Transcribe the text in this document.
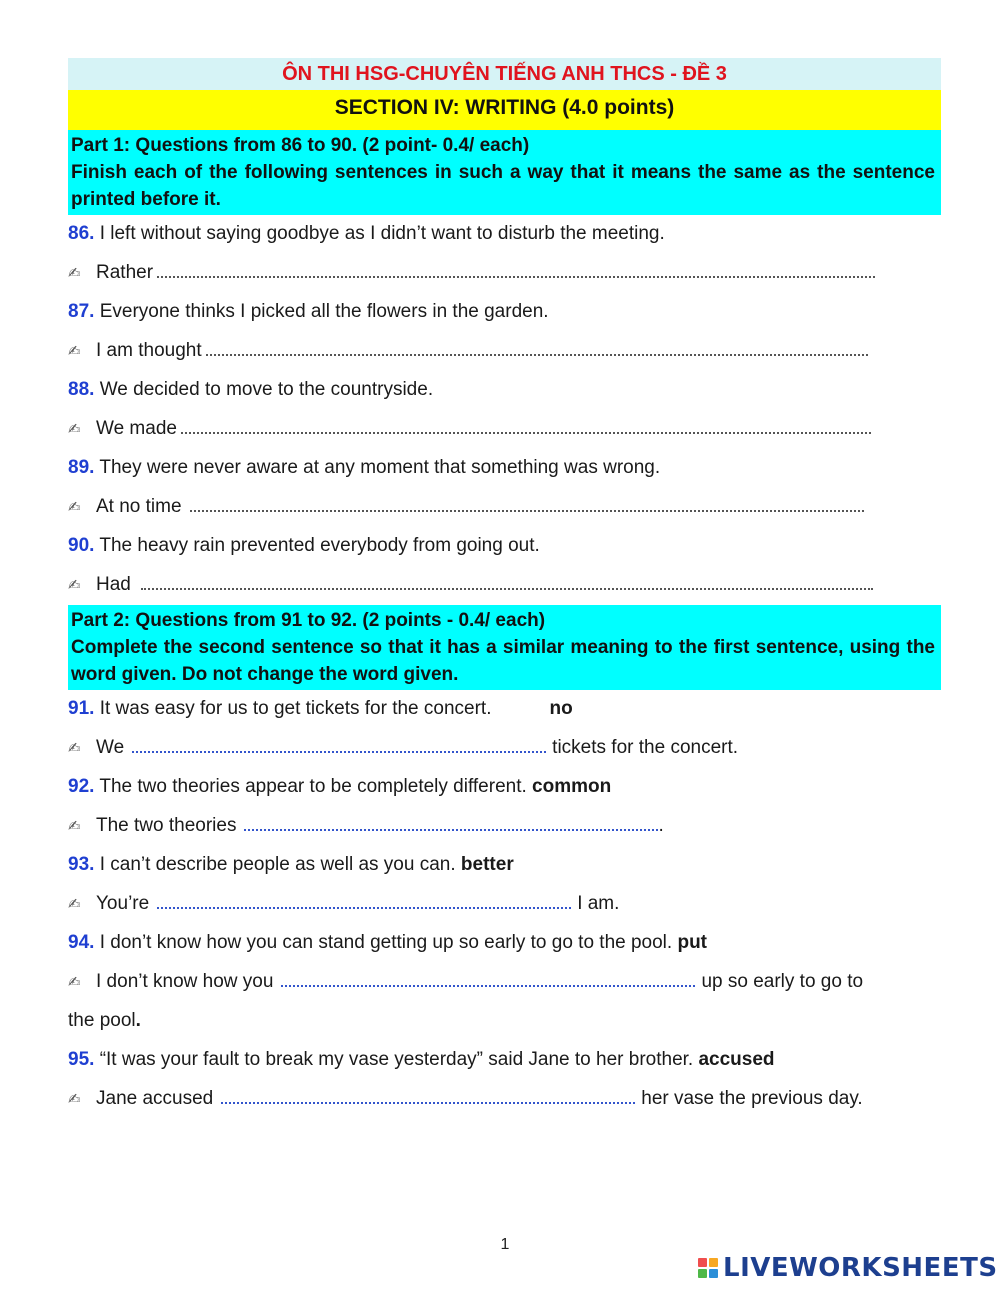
ÔN THI HSG-CHUYÊN TIẾNG ANH THCS - ĐỀ 3
SECTION IV: WRITING (4.0 points)
Part 1: Questions from 86 to 90. (2 point- 0.4/ each)
Finish each of the following sentences in such a way that it means the same as the sentence printed before it.
86. I left without saying goodbye as I didn’t want to disturb the meeting.
✍ Rather
87. Everyone thinks I picked all the flowers in the garden.
✍ I am thought
88. We decided to move to the countryside.
✍ We made
89. They were never aware at any moment that something was wrong.
✍ At no time
90. The heavy rain prevented everybody from going out.
✍ Had
Part 2: Questions from 91 to 92. (2 points - 0.4/ each)
Complete the second sentence so that it has a similar meaning to the first sentence, using the word given. Do not change the word given.
91. It was easy for us to get tickets for the concert.	no
✍ We	tickets for the concert.
92. The two theories appear to be completely different. common
✍ The two theories	.
93. I can’t describe people as well as you can. better
✍ You’re	I am.
94. I don’t know how you can stand getting up so early to go to the pool. put
✍ I don’t know how you	up so early to go to
the pool.
95. “It was your fault to break my vase yesterday” said Jane to her brother. accused
✍ Jane accused	her vase the previous day.
1
LIVEWORKSHEETS
